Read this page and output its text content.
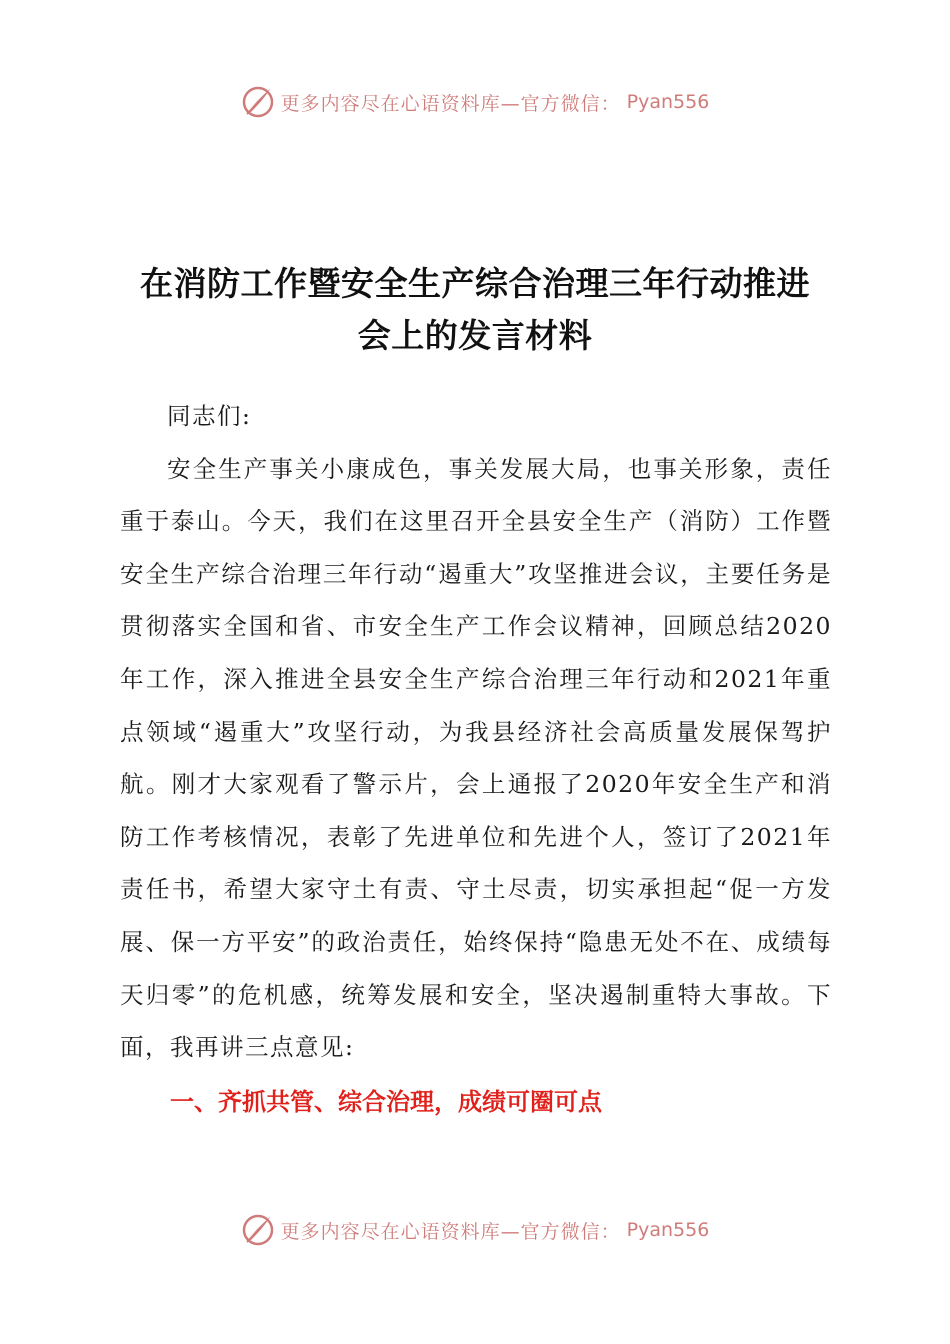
更多内容尽在心语资料库—官方微信： Pyan556
在消防工作暨安全生产综合治理三年行动推进
会上的发言材料

同志们:

安全生产事关小康成色，事关发展大局，也事关形象，责任重于泰山。今天，我们在这里召开全县安全生产（消防）工作暨安全生产综合治理三年行动“遏重大”攻坚推进会议，主要任务是贯彻落实全国和省、市安全生产工作会议精神，回顾总结2020年工作，深入推进全县安全生产综合治理三年行动和2021年重点领域“遏重大”攻坚行动，为我县经济社会高质量发展保驾护航。刚才大家观看了警示片，会上通报了2020年安全生产和消防工作考核情况，表彰了先进单位和先进个人，签订了2021年责任书，希望大家守土有责、守土尽责，切实承担起“促一方发展、保一方平安”的政治责任，始终保持“隐患无处不在、成绩每天归零”的危机感，统筹发展和安全，坚决遏制重特大事故。下面，我再讲三点意见:

一、齐抓共管、综合治理，成绩可圈可点
更多内容尽在心语资料库—官方微信： Pyan556
